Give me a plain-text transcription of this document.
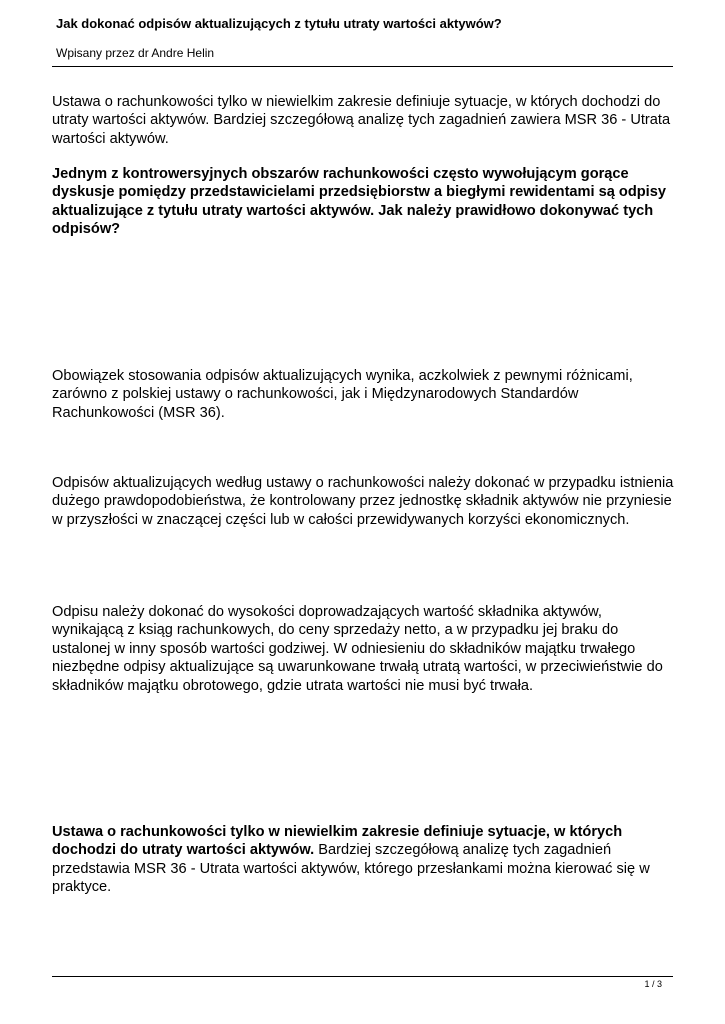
Jak dokonać odpisów aktualizujących z tytułu utraty wartości aktywów?
Wpisany przez dr Andre Helin

Ustawa o rachunkowości tylko w niewielkim zakresie definiuje sytuacje, w których dochodzi do utraty wartości aktywów. Bardziej szczegółową analizę tych zagadnień zawiera MSR 36 - Utrata wartości aktywów.

Jednym z kontrowersyjnych obszarów rachunkowości często wywołującym gorące dyskusje pomiędzy przedstawicielami przedsiębiorstw a biegłymi rewidentami są odpisy aktualizujące z tytułu utraty wartości aktywów. Jak należy prawidłowo dokonywać tych odpisów?

Obowiązek stosowania odpisów aktualizujących wynika, aczkolwiek z pewnymi różnicami, zarówno z polskiej ustawy o rachunkowości, jak i Międzynarodowych Standardów Rachunkowości (MSR 36).

Odpisów aktualizujących według ustawy o rachunkowości należy dokonać w przypadku istnienia dużego prawdopodobieństwa, że kontrolowany przez jednostkę składnik aktywów nie przyniesie w przyszłości w znaczącej części lub w całości przewidywanych korzyści ekonomicznych.

Odpisu należy dokonać do wysokości doprowadzających wartość składnika aktywów, wynikającą z ksiąg rachunkowych, do ceny sprzedaży netto, a w przypadku jej braku do ustalonej w inny sposób wartości godziwej. W odniesieniu do składników majątku trwałego niezbędne odpisy aktualizujące są uwarunkowane trwałą utratą wartości, w przeciwieństwie do składników majątku obrotowego, gdzie utrata wartości nie musi być trwała.

Ustawa o rachunkowości tylko w niewielkim zakresie definiuje sytuacje, w których dochodzi do utraty wartości aktywów. Bardziej szczegółową analizę tych zagadnień przedstawia MSR 36 - Utrata wartości aktywów, którego przesłankami można kierować się w praktyce.

1 / 3
